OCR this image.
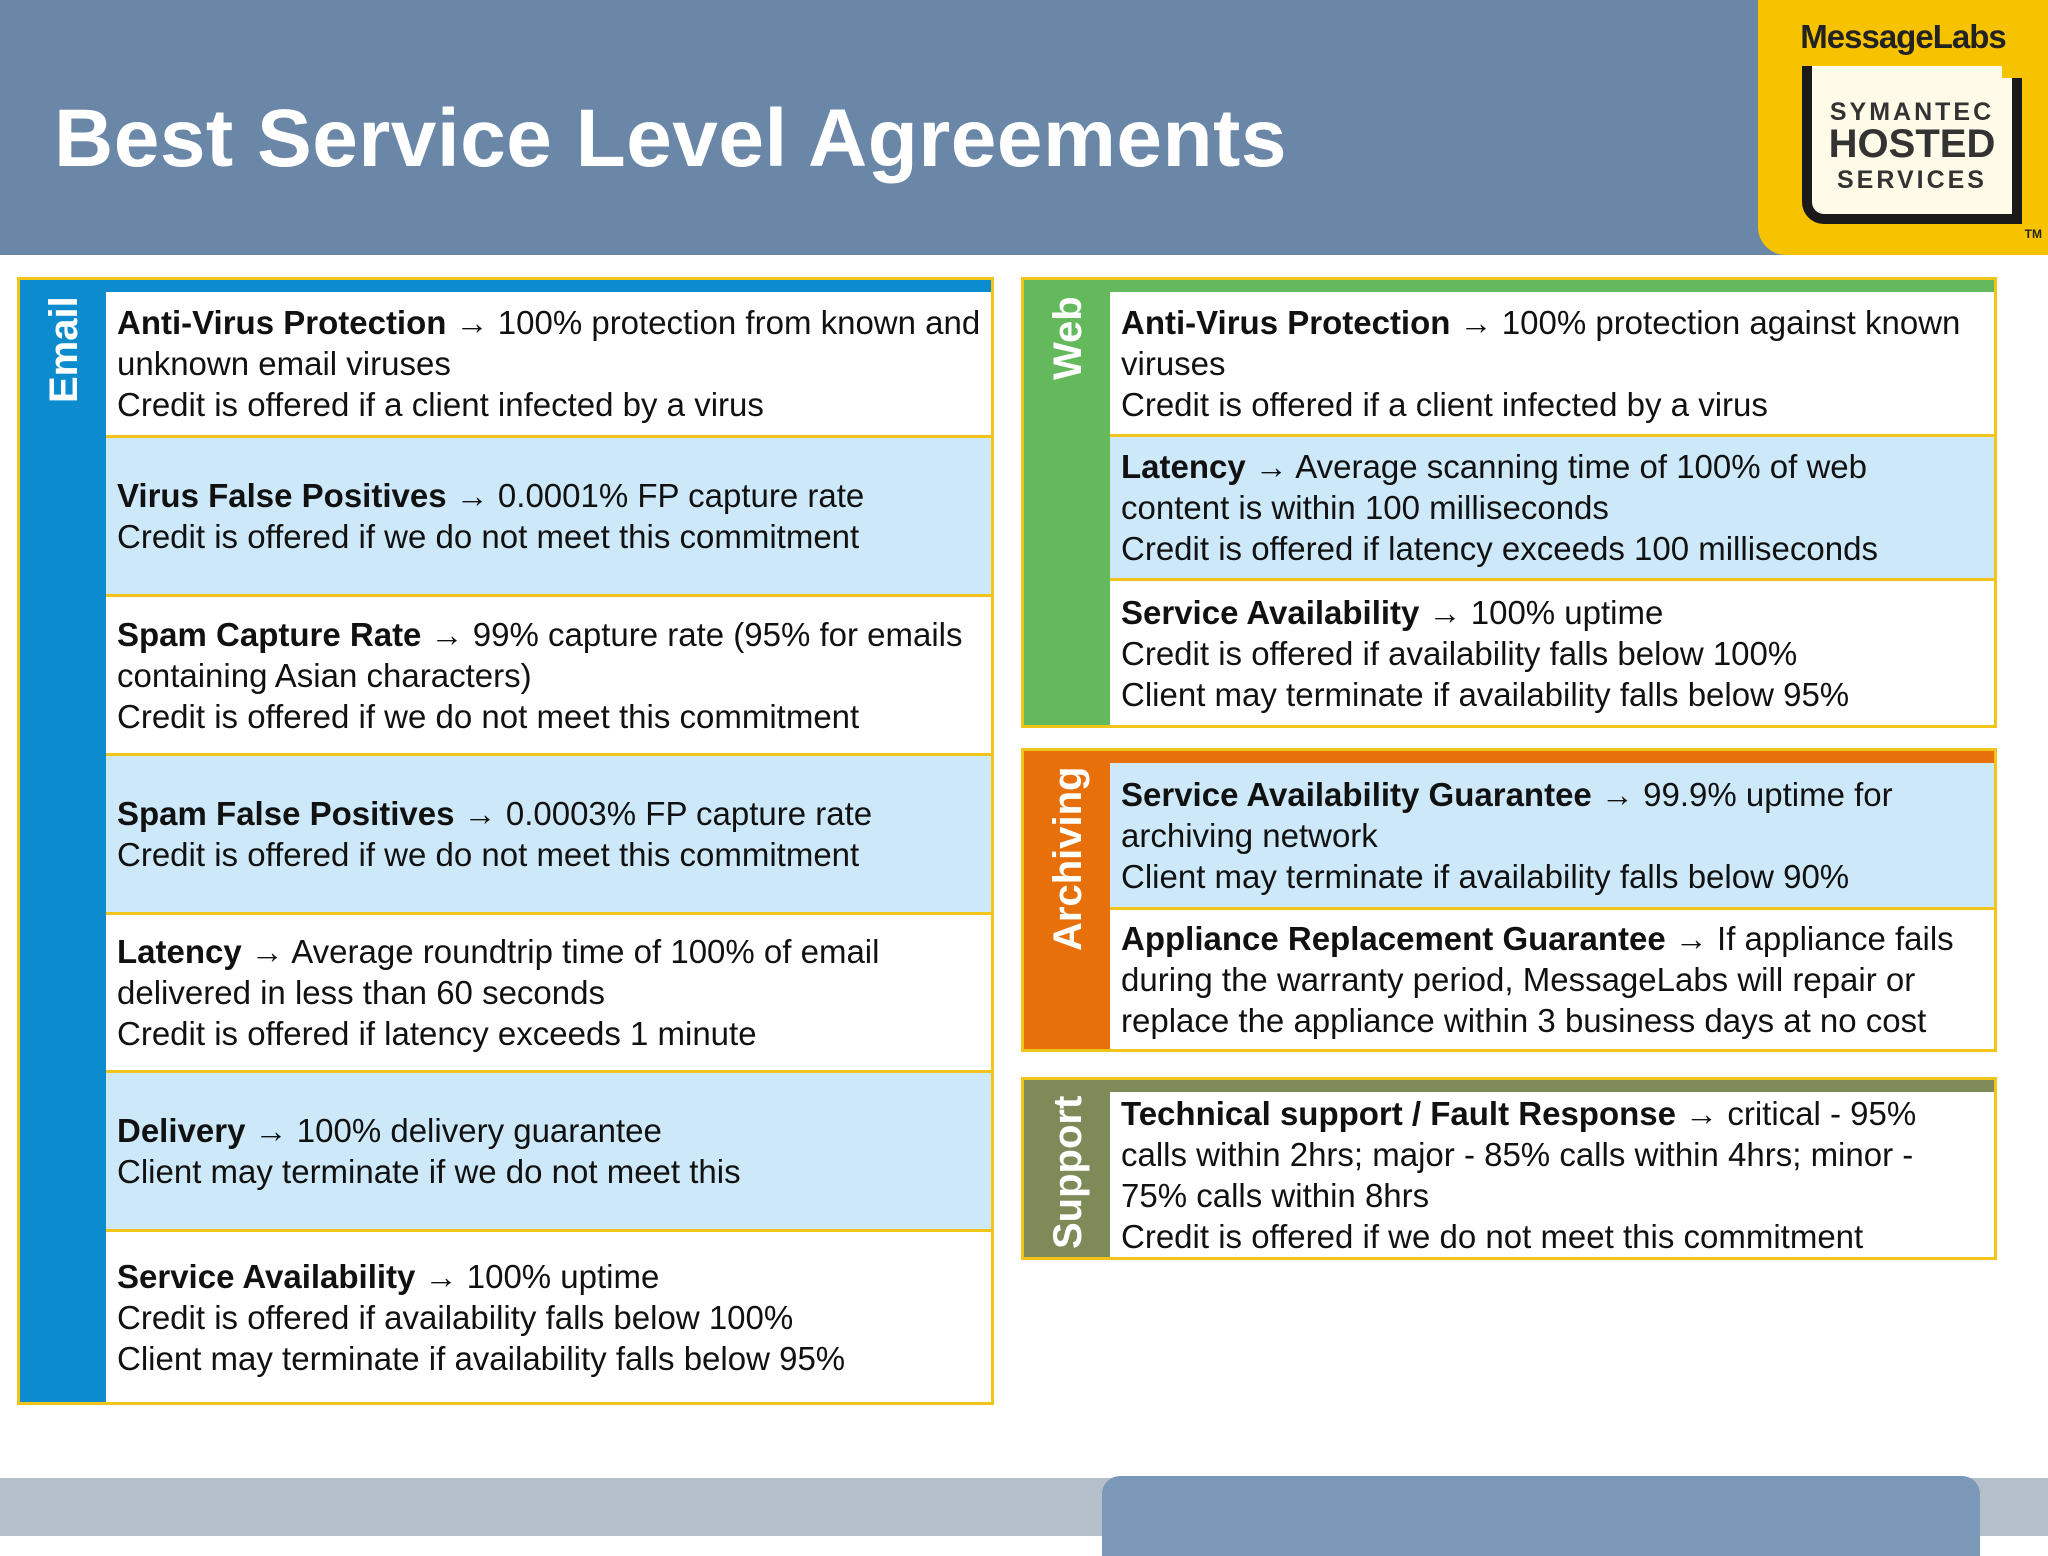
Best Service Level Agreements
MessageLabs
SYMANTEC
HOSTED
SERVICES
TM
Email Anti-Virus Protection → 100% protection from known and unknown email viruses
Credit is offered if a client infected by a virus
Virus False Positives → 0.0001% FP capture rate
Credit is offered if we do not meet this commitment
Spam Capture Rate → 99% capture rate (95% for emails containing Asian characters)
Credit is offered if we do not meet this commitment
Spam False Positives → 0.0003% FP capture rate
Credit is offered if we do not meet this commitment
Latency → Average roundtrip time of 100% of email delivered in less than 60 seconds
Credit is offered if latency exceeds 1 minute
Delivery → 100% delivery guarantee
Client may terminate if we do not meet this
Service Availability → 100% uptime
Credit is offered if availability falls below 100%
Client may terminate if availability falls below 95%
Web Anti-Virus Protection → 100% protection against known viruses
Credit is offered if a client infected by a virus
Latency → Average scanning time of 100% of web content is within 100 milliseconds
Credit is offered if latency exceeds 100 milliseconds
Service Availability → 100% uptime
Credit is offered if availability falls below 100%
Client may terminate if availability falls below 95%
Archiving Service Availability Guarantee → 99.9% uptime for archiving network
Client may terminate if availability falls below 90%
Appliance Replacement Guarantee → If appliance fails during the warranty period, MessageLabs will repair or replace the appliance within 3 business days at no cost
Support Technical support / Fault Response → critical - 95% calls within 2hrs; major - 85% calls within 4hrs; minor - 75% calls within 8hrs
Credit is offered if we do not meet this commitment
